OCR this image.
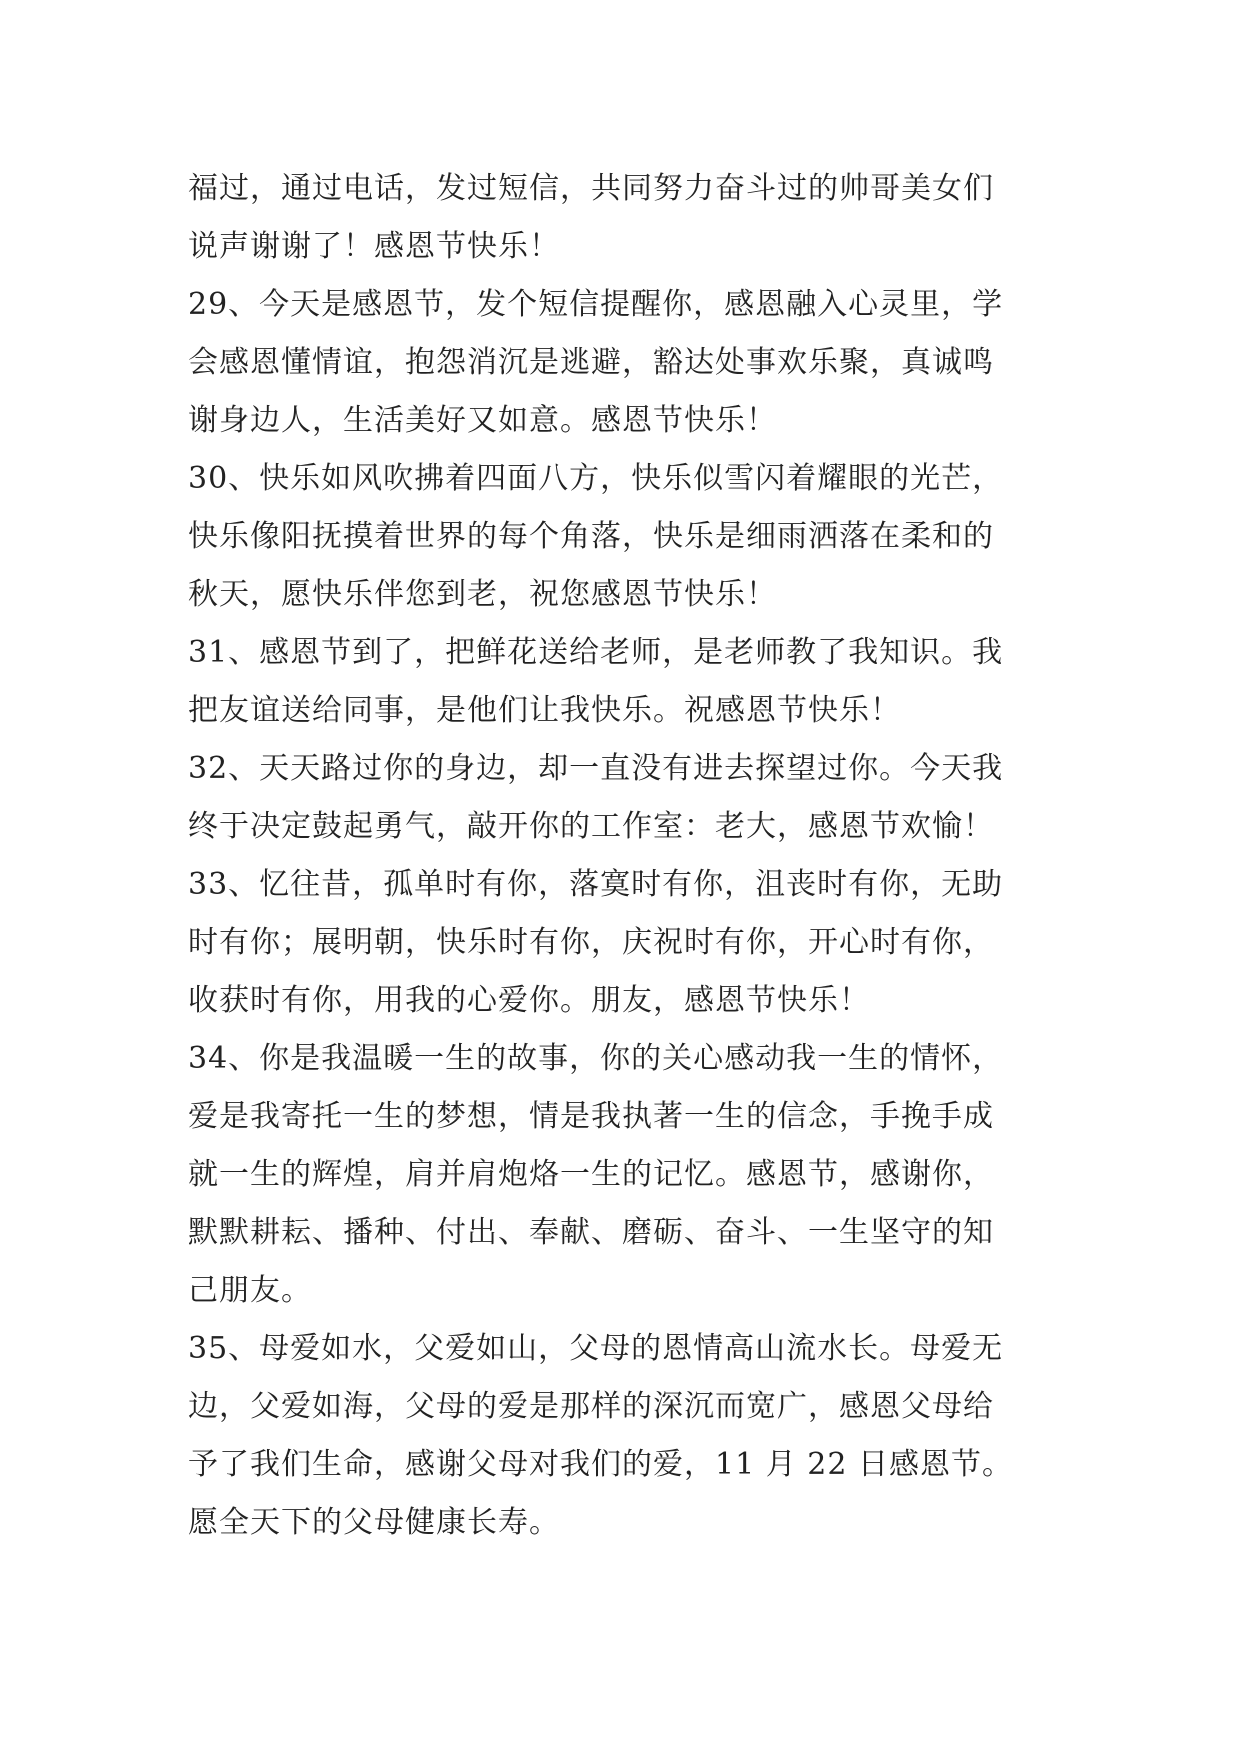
福过，通过电话，发过短信，共同努力奋斗过的帅哥美女们
说声谢谢了！感恩节快乐！
29、今天是感恩节，发个短信提醒你，感恩融入心灵里，学
会感恩懂情谊，抱怨消沉是逃避，豁达处事欢乐聚，真诚鸣
谢身边人，生活美好又如意。感恩节快乐！
30、快乐如风吹拂着四面八方，快乐似雪闪着耀眼的光芒，
快乐像阳抚摸着世界的每个角落，快乐是细雨洒落在柔和的
秋天，愿快乐伴您到老，祝您感恩节快乐！
31、感恩节到了，把鲜花送给老师，是老师教了我知识。我
把友谊送给同事，是他们让我快乐。祝感恩节快乐！
32、天天路过你的身边，却一直没有进去探望过你。今天我
终于决定鼓起勇气，敲开你的工作室：老大，感恩节欢愉！
33、忆往昔，孤单时有你，落寞时有你，沮丧时有你，无助
时有你；展明朝，快乐时有你，庆祝时有你，开心时有你，
收获时有你，用我的心爱你。朋友，感恩节快乐！
34、你是我温暖一生的故事，你的关心感动我一生的情怀，
爱是我寄托一生的梦想，情是我执著一生的信念，手挽手成
就一生的辉煌，肩并肩炮烙一生的记忆。感恩节，感谢你，
默默耕耘、播种、付出、奉献、磨砺、奋斗、一生坚守的知
己朋友。
35、母爱如水，父爱如山，父母的恩情高山流水长。母爱无
边，父爱如海，父母的爱是那样的深沉而宽广，感恩父母给
予了我们生命，感谢父母对我们的爱，11 月 22 日感恩节。
愿全天下的父母健康长寿。
